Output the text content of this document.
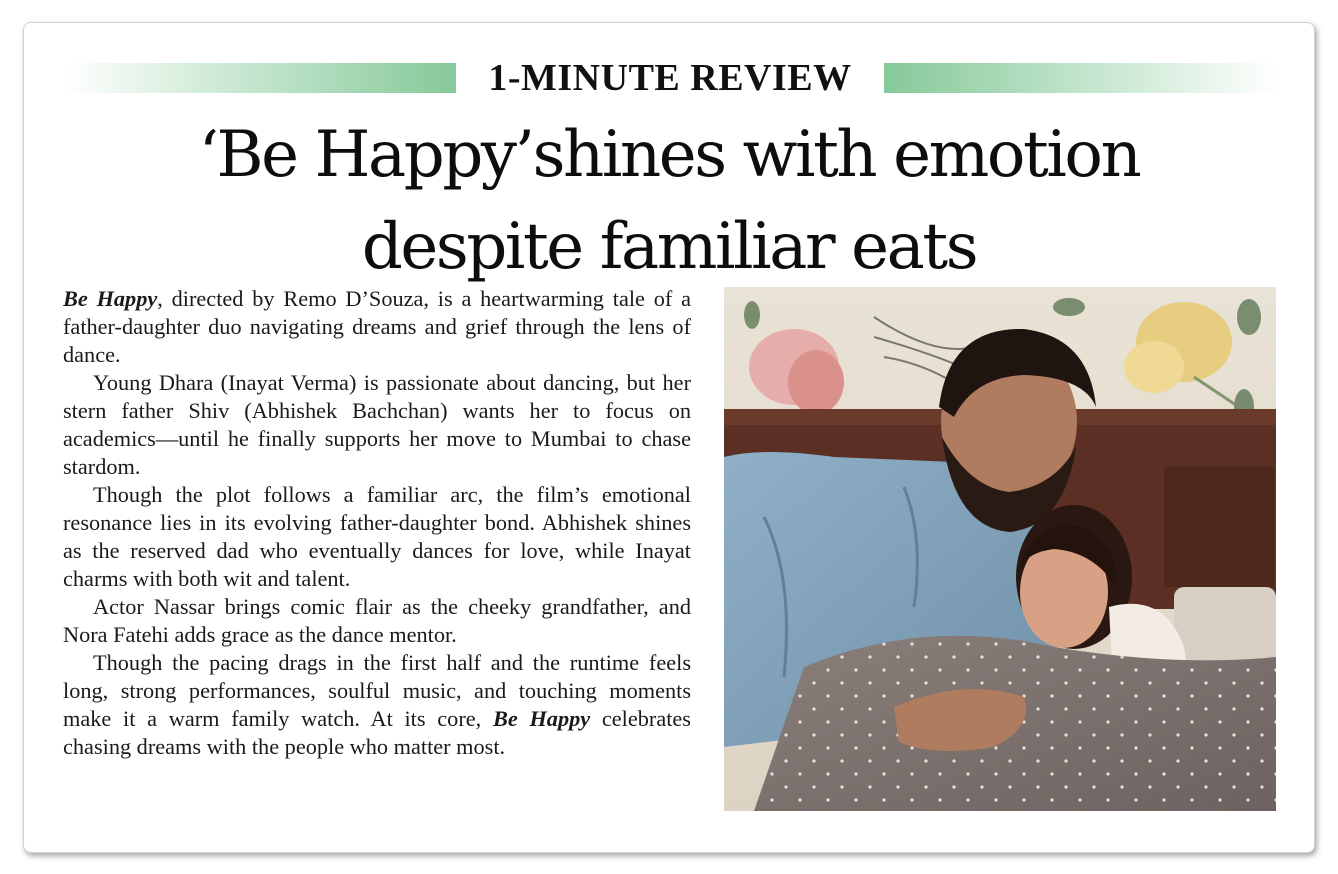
1-MINUTE REVIEW
‘Be Happy’shines with emotion
despite familiar eats

Be Happy, directed by Remo D’Souza, is a heartwarming tale of a father-daughter duo navigating dreams and grief through the lens of dance.

Young Dhara (Inayat Verma) is passionate about dancing, but her stern father Shiv (Abhishek Bachchan) wants her to focus on academics—until he finally supports her move to Mumbai to chase stardom.

Though the plot follows a familiar arc, the film’s emotional resonance lies in its evolving father-daughter bond. Abhishek shines as the reserved dad who eventually dances for love, while Inayat charms with both wit and talent.

Actor Nassar brings comic flair as the cheeky grandfather, and Nora Fatehi adds grace as the dance mentor.

Though the pacing drags in the first half and the runtime feels long, strong performances, soulful music, and touching moments make it a warm family watch. At its core, Be Happy celebrates chasing dreams with the people who matter most.
